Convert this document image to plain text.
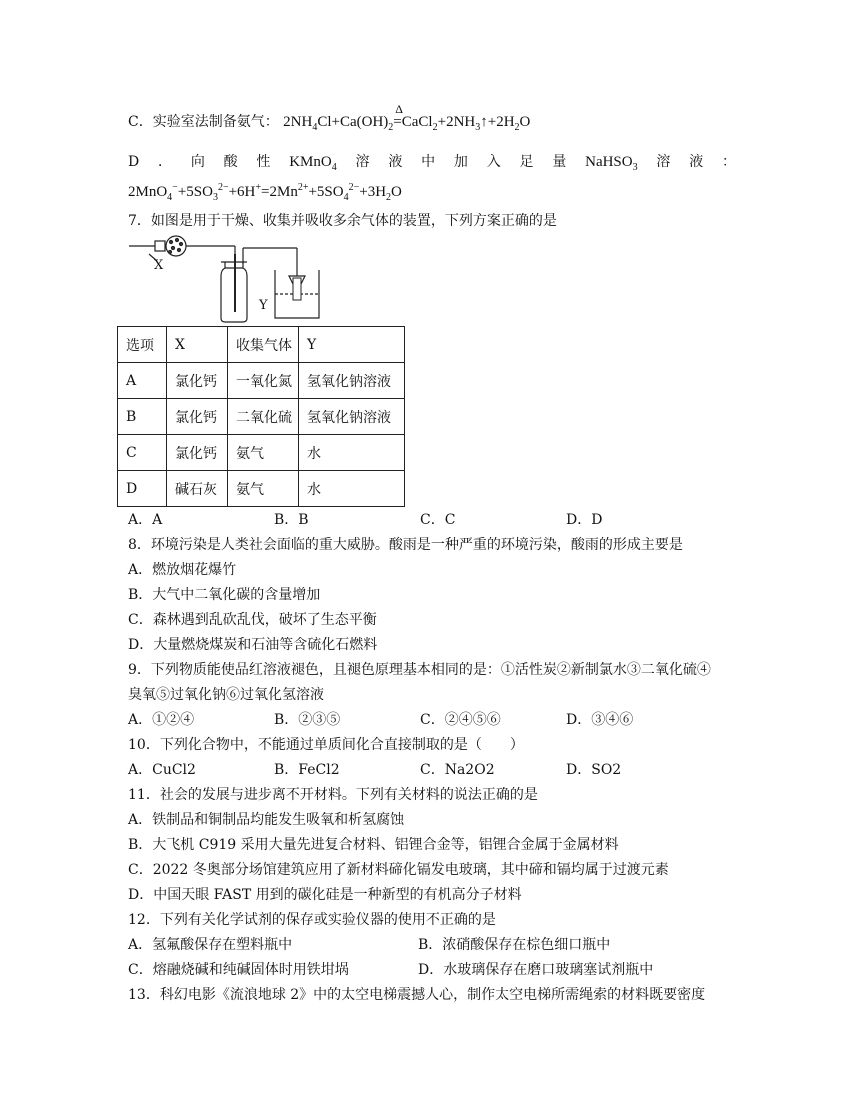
C．实验室法制备氨气： $2NH_4Cl+Ca(OH)_2$
Δ
$=CaCl_2+2NH_3↑+2H_2O$
D ． 向 酸 性 KMnO$_4$ 溶 液 中 加 入 足 量 NaHSO$_3$ 溶 液 ：
$2MnO_4^-+5SO_3^{2-}+6H^+=2Mn^{2+}+5SO_4^{2-}+3H_2O$
7．如图是用于干燥、收集并吸收多余气体的装置，下列方案正确的是
X
Y
选项	X	收集气体	Y
A	氯化钙	一氧化氮	氢氧化钠溶液
B	氯化钙	二氧化硫	氢氧化钠溶液
C	氯化钙	氨气	水
D	碱石灰	氨气	水
A．A	B．B	C．C	D．D
8．环境污染是人类社会面临的重大威胁。酸雨是一种严重的环境污染，酸雨的形成主要是
A．燃放烟花爆竹
B．大气中二氧化碳的含量增加
C．森林遇到乱砍乱伐，破坏了生态平衡
D．大量燃烧煤炭和石油等含硫化石燃料
9．下列物质能使品红溶液褪色，且褪色原理基本相同的是：①活性炭②新制氯水③二氧化硫④
臭氧⑤过氧化钠⑥过氧化氢溶液
A．①②④	B．②③⑤	C．②④⑤⑥	D．③④⑥
10．下列化合物中，不能通过单质间化合直接制取的是（　　）
A．CuCl2	B．FeCl2	C．Na2O2	D．SO2
11．社会的发展与进步离不开材料。下列有关材料的说法正确的是
A．铁制品和铜制品均能发生吸氧和析氢腐蚀
B．大飞机 C919 采用大量先进复合材料、铝锂合金等，铝锂合金属于金属材料
C．2022 冬奥部分场馆建筑应用了新材料碲化镉发电玻璃，其中碲和镉均属于过渡元素
D．中国天眼 FAST 用到的碳化硅是一种新型的有机高分子材料
12．下列有关化学试剂的保存或实验仪器的使用不正确的是
A．氢氟酸保存在塑料瓶中	B．浓硝酸保存在棕色细口瓶中
C．熔融烧碱和纯碱固体时用铁坩埚	D．水玻璃保存在磨口玻璃塞试剂瓶中
13．科幻电影《流浪地球 2》中的太空电梯震撼人心，制作太空电梯所需绳索的材料既要密度
